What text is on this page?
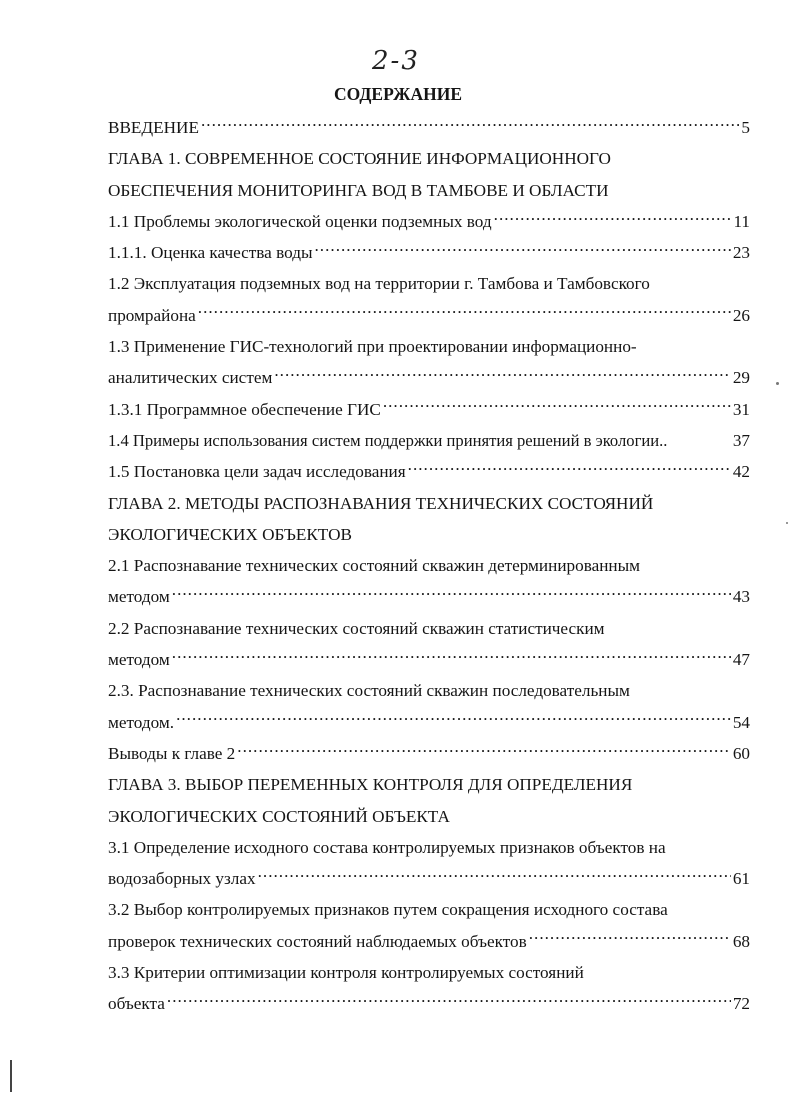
2-3
СОДЕРЖАНИЕ
ВВЕДЕНИЕ .....	5
ГЛАВА 1. СОВРЕМЕННОЕ СОСТОЯНИЕ ИНФОРМАЦИОННОГО
ОБЕСПЕЧЕНИЯ МОНИТОРИНГА ВОД В ТАМБОВЕ И ОБЛАСТИ
1.1 Проблемы экологической оценки подземных вод .....	11
1.1.1. Оценка качества воды .....	23
1.2 Эксплуатация подземных вод на территории г. Тамбова и Тамбовского
промрайона .....	26
1.3 Применение ГИС-технологий при проектировании информационно-
аналитических систем .....	29
1.3.1 Программное обеспечение ГИС .....	31
1.4 Примеры использования систем поддержки принятия решений в экологии..	37
1.5 Постановка цели задач исследования .....	42
ГЛАВА 2. МЕТОДЫ РАСПОЗНАВАНИЯ ТЕХНИЧЕСКИХ СОСТОЯНИЙ
ЭКОЛОГИЧЕСКИХ ОБЪЕКТОВ
2.1 Распознавание технических состояний скважин детерминированным
методом .....	43
2.2 Распознавание технических состояний скважин статистическим
методом .....	47
2.3. Распознавание технических состояний скважин последовательным
методом. .....	54
Выводы к главе 2 .....	60
ГЛАВА 3. ВЫБОР ПЕРЕМЕННЫХ КОНТРОЛЯ ДЛЯ ОПРЕДЕЛЕНИЯ
ЭКОЛОГИЧЕСКИХ СОСТОЯНИЙ ОБЪЕКТА
3.1 Определение исходного состава контролируемых признаков объектов на
водозаборных узлах .....	61
3.2 Выбор контролируемых признаков путем сокращения исходного состава
проверок технических состояний наблюдаемых объектов .....	68
3.3 Критерии оптимизации контроля контролируемых состояний
объекта .....	72
